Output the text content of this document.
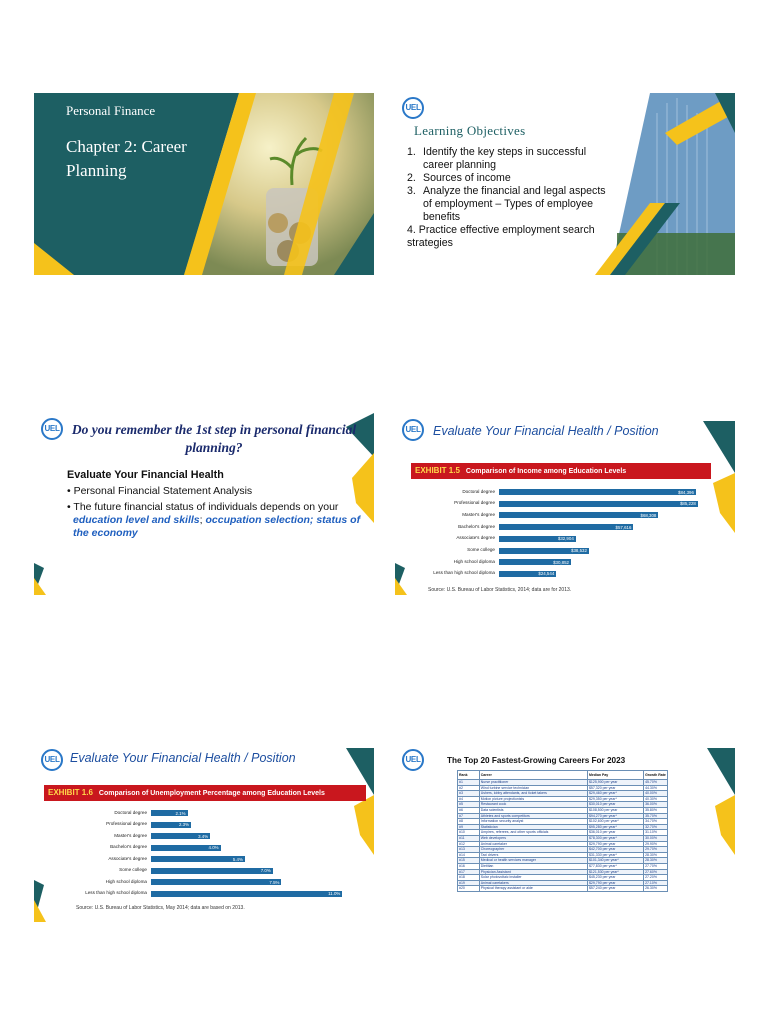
Personal Finance
Chapter 2: Career Planning
UEL
Learning Objectives
1. Identify the key steps in successful career planning
2. Sources of income
3. Analyze the financial and legal aspects of employment – Types of employee benefits
4. Practice effective employment search strategies
UEL Do you remember the 1st step in personal financial planning?
Evaluate Your Financial Health
• Personal Financial Statement Analysis
• The future financial status of individuals depends on your education level and skills; occupation selection; status of the economy
UEL Evaluate Your Financial Health / Position
EXHIBIT 1.5 Comparison of Income among Education Levels
Doctoral degree	$84,396
Professional degree	$85,228
Master's degree	$68,308
Bachelor's degree	$57,616
Associate's degree	$32,904
Some college	$38,532
High school diploma	$30,852
Less than high school diploma	$24,544
Source: U.S. Bureau of Labor Statistics, 2014; data are for 2013.
UEL Evaluate Your Financial Health / Position
EXHIBIT 1.6 Comparison of Unemployment Percentage among Education Levels
Doctoral degree	2.1%
Professional degree	2.3%
Master's degree	3.4%
Bachelor's degree	4.0%
Associate's degree	5.4%
Some college	7.0%
High school diploma	7.5%
Less than high school diploma	11.0%
Source: U.S. Bureau of Labor Statistics, May 2014; data are based on 2013.
UEL	The Top 20 Fastest-Growing Careers For 2023
Rank	Career	Median Pay	Growth Rate
#1	Nurse practitioner	$125,900 per year	45.70%
#2	Wind turbine service technician	$57,320 per year	44.30%
#3	Ushers, lobby attendants, and ticket takers	$29,460 per year*	40.00%
#4	Motion picture projectionists	$29,350 per year*	40.30%
#5	Restaurant cook	$30,010 per year	36.00%
#6	Data scientists	$108,500 per year	35.80%
#7	Athletes and sports competitors	$94,270 per year*	35.70%
#8	Information security analyst	$102,600 per year*	34.70%
#9	Statistician	$95,280 per year*	32.70%
#10	Umpires, referees, and other sports officials	$36,010 per year	31.10%
#11	Web developers	$78,300 per year*	30.00%
#12	Animal caretaker	$29,790 per year	29.90%
#13	Choreographer	$42,700 per year	29.70%
#14	Taxi drivers	$31,330 per year*	28.30%
#15	Medical or health services manager	$101,340 per year*	28.30%
#16	Dietitian	$77,830 per year*	27.70%
#17	Physician Assistant	$121,530 per year*	27.60%
#18	Solar photovoltaic installer	$45,230 per year	27.20%
#19	Animal caretakers	$29,790 per year	27.10%
#20	Physical therapy assistant or aide	$57,240 per year	26.30%
